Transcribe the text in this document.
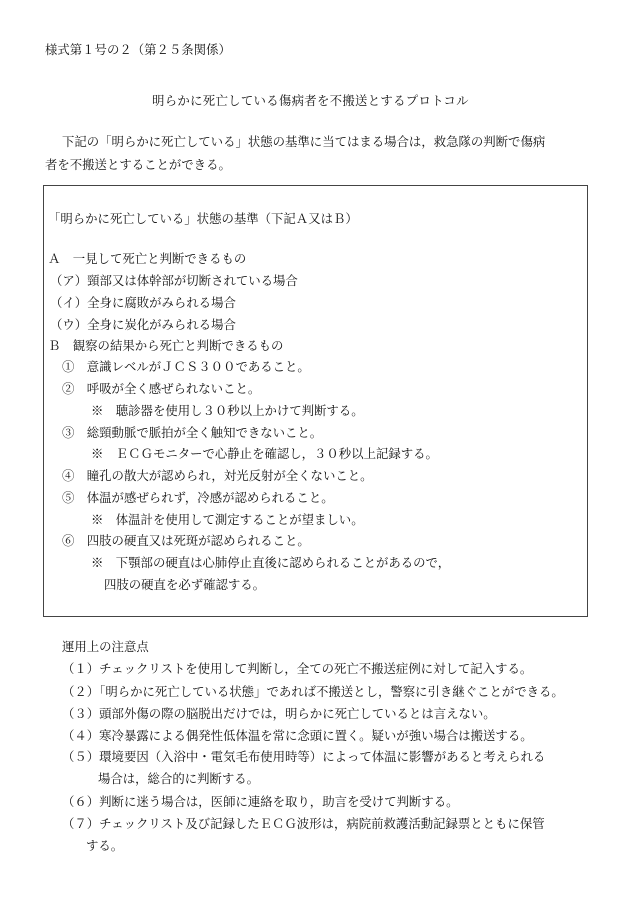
様式第１号の２（第２５条関係）
明らかに死亡している傷病者を不搬送とするプロトコル
下記の「明らかに死亡している」状態の基準に当てはまる場合は，救急隊の判断で傷病
者を不搬送とすることができる。
「明らかに死亡している」状態の基準（下記Ａ又はＢ）
Ａ　一見して死亡と判断できるもの
（ア）頸部又は体幹部が切断されている場合
（イ）全身に腐敗がみられる場合
（ウ）全身に炭化がみられる場合
Ｂ　観察の結果から死亡と判断できるもの
①　意識レベルがＪＣＳ３００であること。
②　呼吸が全く感ぜられないこと。
※　聴診器を使用し３０秒以上かけて判断する。
③　総頸動脈で脈拍が全く触知できないこと。
※　ＥＣＧモニターで心静止を確認し，３０秒以上記録する。
④　瞳孔の散大が認められ，対光反射が全くないこと。
⑤　体温が感ぜられず，冷感が認められること。
※　体温計を使用して測定することが望ましい。
⑥　四肢の硬直又は死斑が認められること。
※　下顎部の硬直は心肺停止直後に認められることがあるので，
四肢の硬直を必ず確認する。
運用上の注意点
（１）チェックリストを使用して判断し，全ての死亡不搬送症例に対して記入する。
（２）「明らかに死亡している状態」であれば不搬送とし，警察に引き継ぐことができる。
（３）頭部外傷の際の脳脱出だけでは，明らかに死亡しているとは言えない。
（４）寒冷暴露による偶発性低体温を常に念頭に置く。疑いが強い場合は搬送する。
（５）環境要因（入浴中・電気毛布使用時等）によって体温に影響があると考えられる
場合は，総合的に判断する。
（６）判断に迷う場合は，医師に連絡を取り，助言を受けて判断する。
（７）チェックリスト及び記録したＥＣＧ波形は，病院前救護活動記録票とともに保管
する。
